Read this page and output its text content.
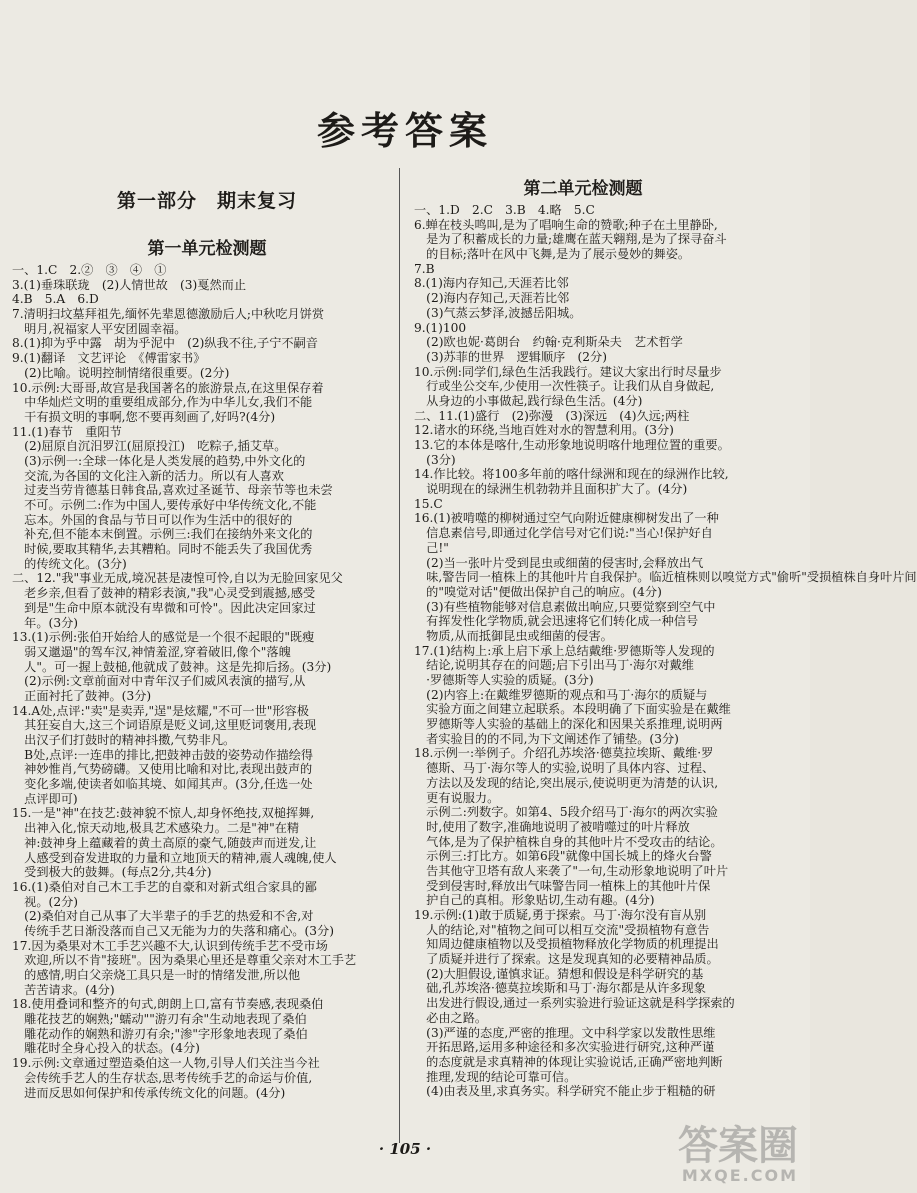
参考答案
第一部分　期末复习
第一单元检测题
第二单元检测题
一、1.C　2.②　③　④　①
3.(1)垂珠联珑　(2)人情世故　(3)戛然而止
4.B　5.A　6.D
7.清明扫坟墓拜祖先,缅怀先辈恩德激励后人;中秋吃月饼赏
　明月,祝福家人平安团圆幸福。
8.(1)抑为乎中露　胡为乎泥中　(2)纵我不往,子宁不嗣音
9.(1)翻译　文艺评论　《傅雷家书》
　(2)比喻。说明控制情绪很重要。(2分)
10.示例:大哥哥,故宫是我国著名的旅游景点,在这里保存着
　中华灿烂文明的重要组成部分,作为中华儿女,我们不能
　干有损文明的事啊,您不要再刻画了,好吗?(4分)
11.(1)春节　重阳节
　(2)屈原自沉汨罗江(屈原投江)　吃粽子,插艾草。
　(3)示例一:全球一体化是人类发展的趋势,中外文化的
　交流,为各国的文化注入新的活力。所以有人喜欢
　过麦当劳肯德基日韩食品,喜欢过圣诞节、母亲节等也未尝
　不可。示例二:作为中国人,要传承好中华传统文化,不能
　忘本。外国的食品与节日可以作为生活中的很好的
　补充,但不能本末倒置。示例三:我们在接纳外来文化的
　时候,要取其精华,去其糟粕。同时不能丢失了我国优秀
　的传统文化。(3分)
二、12."我"事业无成,境况甚是凄惶可怜,自以为无脸回家见父
　老乡亲,但看了鼓神的精彩表演,"我"心灵受到震撼,感受
　到是"生命中原本就没有卑微和可怜"。因此决定回家过
　年。(3分)
13.(1)示例:张伯开始给人的感觉是一个很不起眼的"既瘦
　弱又邋遢"的驾车汉,神情羞涩,穿着破旧,像个"落魄
　人"。可一握上鼓槌,他就成了鼓神。这是先抑后扬。(3分)
　(2)示例:文章前面对中青年汉子们威风表演的描写,从
　正面衬托了鼓神。(3分)
14.A处,点评:"卖"是卖弄,"逞"是炫耀,"不可一世"形容极
　其狂妄自大,这三个词语原是贬义词,这里贬词褒用,表现
　出汉子们打鼓时的精神抖擞,气势非凡。
　B处,点评:一连串的排比,把鼓神击鼓的姿势动作描绘得
　神妙惟肖,气势磅礴。又使用比喻和对比,表现出鼓声的
　变化多端,使读者如临其境、如闻其声。(3分,任选一处
　点评即可)
15.一是"神"在技艺:鼓神貌不惊人,却身怀绝技,双槌挥舞,
　出神入化,惊天动地,极具艺术感染力。二是"神"在精
　神:鼓神身上蕴藏着的黄土高原的豪气,随鼓声而迸发,让
　人感受到奋发进取的力量和立地顶天的精神,震人魂魄,使人
　受到极大的鼓舞。(每点2分,共4分)
16.(1)桑伯对自己木工手艺的自豪和对新式组合家具的鄙
　视。(2分)
　(2)桑伯对自己从事了大半辈子的手艺的热爱和不舍,对
　传统手艺日渐没落而自己又无能为力的失落和痛心。(3分)
17.因为桑果对木工手艺兴趣不大,认识到传统手艺不受市场
　欢迎,所以不肯"接班"。因为桑果心里还是尊重父亲对木工手艺
　的感情,明白父亲烧工具只是一时的情绪发泄,所以他
　苦苦请求。(4分)
18.使用叠词和整齐的句式,朗朗上口,富有节奏感,表现桑伯
　雕花技艺的娴熟;"蠕动""游刃有余"生动地表现了桑伯
　雕花动作的娴熟和游刃有余;"渗"字形象地表现了桑伯
　雕花时全身心投入的状态。(4分)
19.示例:文章通过塑造桑伯这一人物,引导人们关注当今社
　会传统手艺人的生存状态,思考传统手艺的命运与价值,
　进而反思如何保护和传承传统文化的问题。(4分)
一、1.D　2.C　3.B　4.略　5.C
6.蝉在枝头鸣叫,是为了唱响生命的赞歌;种子在土里静卧,
　是为了积蓄成长的力量;雄鹰在蓝天翱翔,是为了探寻奋斗
　的目标;落叶在风中飞舞,是为了展示曼妙的舞姿。
7.B
8.(1)海内存知己,天涯若比邻
　(2)海内存知己,天涯若比邻
　(3)气蒸云梦泽,波撼岳阳城。
9.(1)100
　(2)欧也妮·葛朗台　约翰·克利斯朵夫　艺术哲学
　(3)苏菲的世界　逻辑顺序　(2分)
10.示例:同学们,绿色生活我践行。建议大家出行时尽量步
　行或坐公交车,少使用一次性筷子。让我们从自身做起,
　从身边的小事做起,践行绿色生活。(4分)
二、11.(1)盛行　(2)弥漫　(3)深远　(4)久远;两柱
12.诸水的环绕,当地百姓对水的智慧利用。(3分)
13.它的本体是喀什,生动形象地说明喀什地理位置的重要。
　(3分)
14.作比较。将100多年前的喀什绿洲和现在的绿洲作比较,
　说明现在的绿洲生机勃勃并且面积扩大了。(4分)
15.C
16.(1)被啃噬的柳树通过空气向附近健康柳树发出了一种
　信息素信号,即通过化学信号对它们说:"当心!保护好自
　己!"
　(2)当一张叶片受到昆虫或细菌的侵害时,会释放出气
　味,警告同一植株上的其他叶片自我保护。临近植株则以嗅觉方式"偷听"受损植株自身叶片间
　的"嗅觉对话"便做出保护自己的响应。(4分)
　(3)有些植物能够对信息素做出响应,只要觉察到空气中
　有挥发性化学物质,就会迅速将它们转化成一种信号
　物质,从而抵御昆虫或细菌的侵害。
17.(1)结构上:承上启下承上总结戴维·罗德斯等人发现的
　结论,说明其存在的问题;启下引出马丁·海尔对戴维
　·罗德斯等人实验的质疑。(3分)
　(2)内容上:在戴维罗德斯的观点和马丁·海尔的质疑与
　实验方面之间建立起联系。本段明确了下面实验是在戴维
　罗德斯等人实验的基础上的深化和因果关系推理,说明两
　者实验目的的不同,为下文阐述作了铺垫。(3分)
18.示例一:举例子。介绍孔苏埃洛·德莫拉埃斯、戴维·罗
　德斯、马丁·海尔等人的实验,说明了具体内容、过程、
　方法以及发现的结论,突出展示,使说明更为清楚的认识,
　更有说服力。
　示例二:列数字。如第4、5段介绍马丁·海尔的两次实验
　时,使用了数字,准确地说明了被啃噬过的叶片释放
　气体,是为了保护植株自身的其他叶片不受攻击的结论。
　示例三:打比方。如第6段"就像中国长城上的烽火台警
　告其他守卫塔有敌人来袭了"一句,生动形象地说明了叶片
　受到侵害时,释放出气味警告同一植株上的其他叶片保
　护自己的真相。形象贴切,生动有趣。(4分)
19.示例:(1)敢于质疑,勇于探索。马丁·海尔没有盲从别
　人的结论,对"植物之间可以相互交流"受损植物有意告
　知周边健康植物以及受损植物释放化学物质的机理提出
　了质疑并进行了探索。这是发现真知的必要精神品质。
　(2)大胆假设,谨慎求证。猜想和假设是科学研究的基
　础,孔苏埃洛·德莫拉埃斯和马丁·海尔都是从许多现象
　出发进行假设,通过一系列实验进行验证这就是科学探索的
　必由之路。
　(3)严谨的态度,严密的推理。文中科学家以发散性思维
　开拓思路,运用多种途径和多次实验进行研究,这种严谨
　的态度就是求真精神的体现让实验说话,正确严密地判断
　推理,发现的结论可靠可信。
　(4)由表及里,求真务实。科学研究不能止步于粗糙的研
· 105 ·	答案圈
MXQE.COM
